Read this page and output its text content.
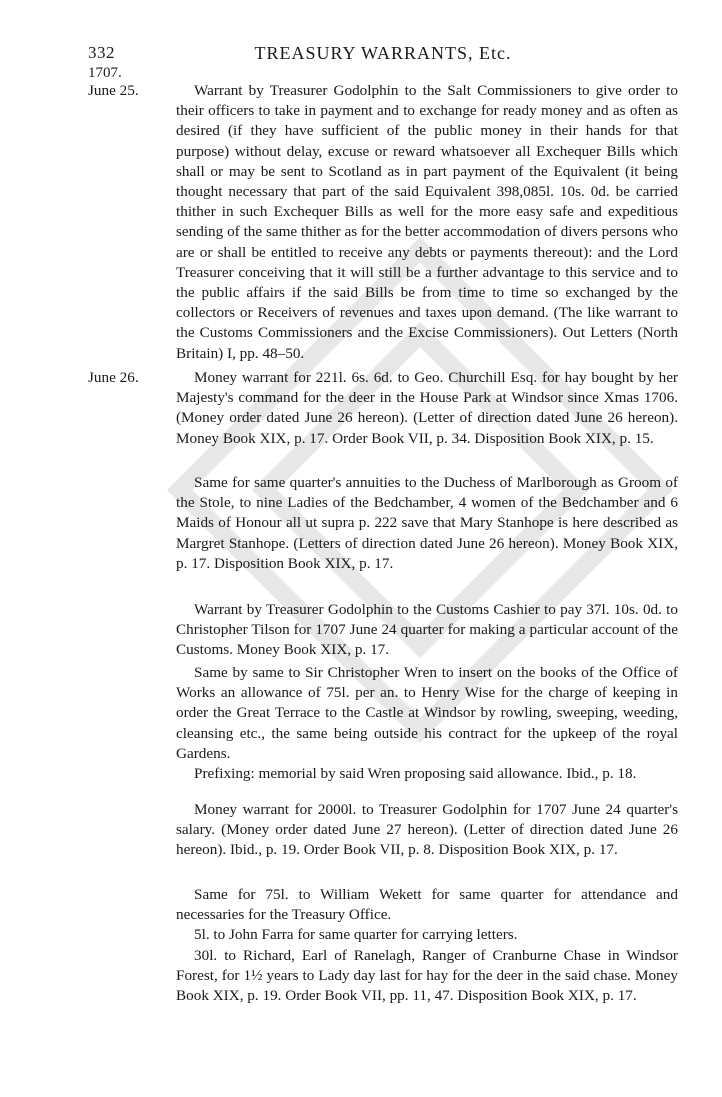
332	TREASURY WARRANTS, Etc.
1707.
June 25.	Warrant by Treasurer Godolphin to the Salt Commissioners to give order to their officers to take in payment and to exchange for ready money and as often as desired (if they have sufficient of the public money in their hands for that purpose) without delay, excuse or reward whatsoever all Exchequer Bills which shall or may be sent to Scotland as in part payment of the Equivalent (it being thought necessary that part of the said Equivalent 398,085l. 10s. 0d. be carried thither in such Exchequer Bills as well for the more easy safe and expeditious sending of the same thither as for the better accommodation of divers persons who are or shall be entitled to receive any debts or payments thereout): and the Lord Treasurer conceiving that it will still be a further advantage to this service and to the public affairs if the said Bills be from time to time so exchanged by the collectors or Receivers of revenues and taxes upon demand. (The like warrant to the Customs Commissioners and the Excise Commissioners). Out Letters (North Britain) I, pp. 48–50.

June 26.	Money warrant for 221l. 6s. 6d. to Geo. Churchill Esq. for hay bought by her Majesty's command for the deer in the House Park at Windsor since Xmas 1706. (Money order dated June 26 hereon). (Letter of direction dated June 26 hereon). Money Book XIX, p. 17. Order Book VII, p. 34. Disposition Book XIX, p. 15.

Same for same quarter's annuities to the Duchess of Marlborough as Groom of the Stole, to nine Ladies of the Bedchamber, 4 women of the Bedchamber and 6 Maids of Honour all ut supra p. 222 save that Mary Stanhope is here described as Margret Stanhope. (Letters of direction dated June 26 hereon). Money Book XIX, p. 17. Disposition Book XIX, p. 17.

Warrant by Treasurer Godolphin to the Customs Cashier to pay 37l. 10s. 0d. to Christopher Tilson for 1707 June 24 quarter for making a particular account of the Customs. Money Book XIX, p. 17.

Same by same to Sir Christopher Wren to insert on the books of the Office of Works an allowance of 75l. per an. to Henry Wise for the charge of keeping in order the Great Terrace to the Castle at Windsor by rowling, sweeping, weeding, cleansing etc., the same being outside his contract for the upkeep of the royal Gardens.

Prefixing: memorial by said Wren proposing said allowance. Ibid., p. 18.

Money warrant for 2000l. to Treasurer Godolphin for 1707 June 24 quarter's salary. (Money order dated June 27 hereon). (Letter of direction dated June 26 hereon). Ibid., p. 19. Order Book VII, p. 8. Disposition Book XIX, p. 17.

Same for 75l. to William Wekett for same quarter for attendance and necessaries for the Treasury Office.

5l. to John Farra for same quarter for carrying letters.

30l. to Richard, Earl of Ranelagh, Ranger of Cranburne Chase in Windsor Forest, for 1½ years to Lady day last for hay for the deer in the said chase. Money Book XIX, p. 19. Order Book VII, pp. 11, 47. Disposition Book XIX, p. 17.
